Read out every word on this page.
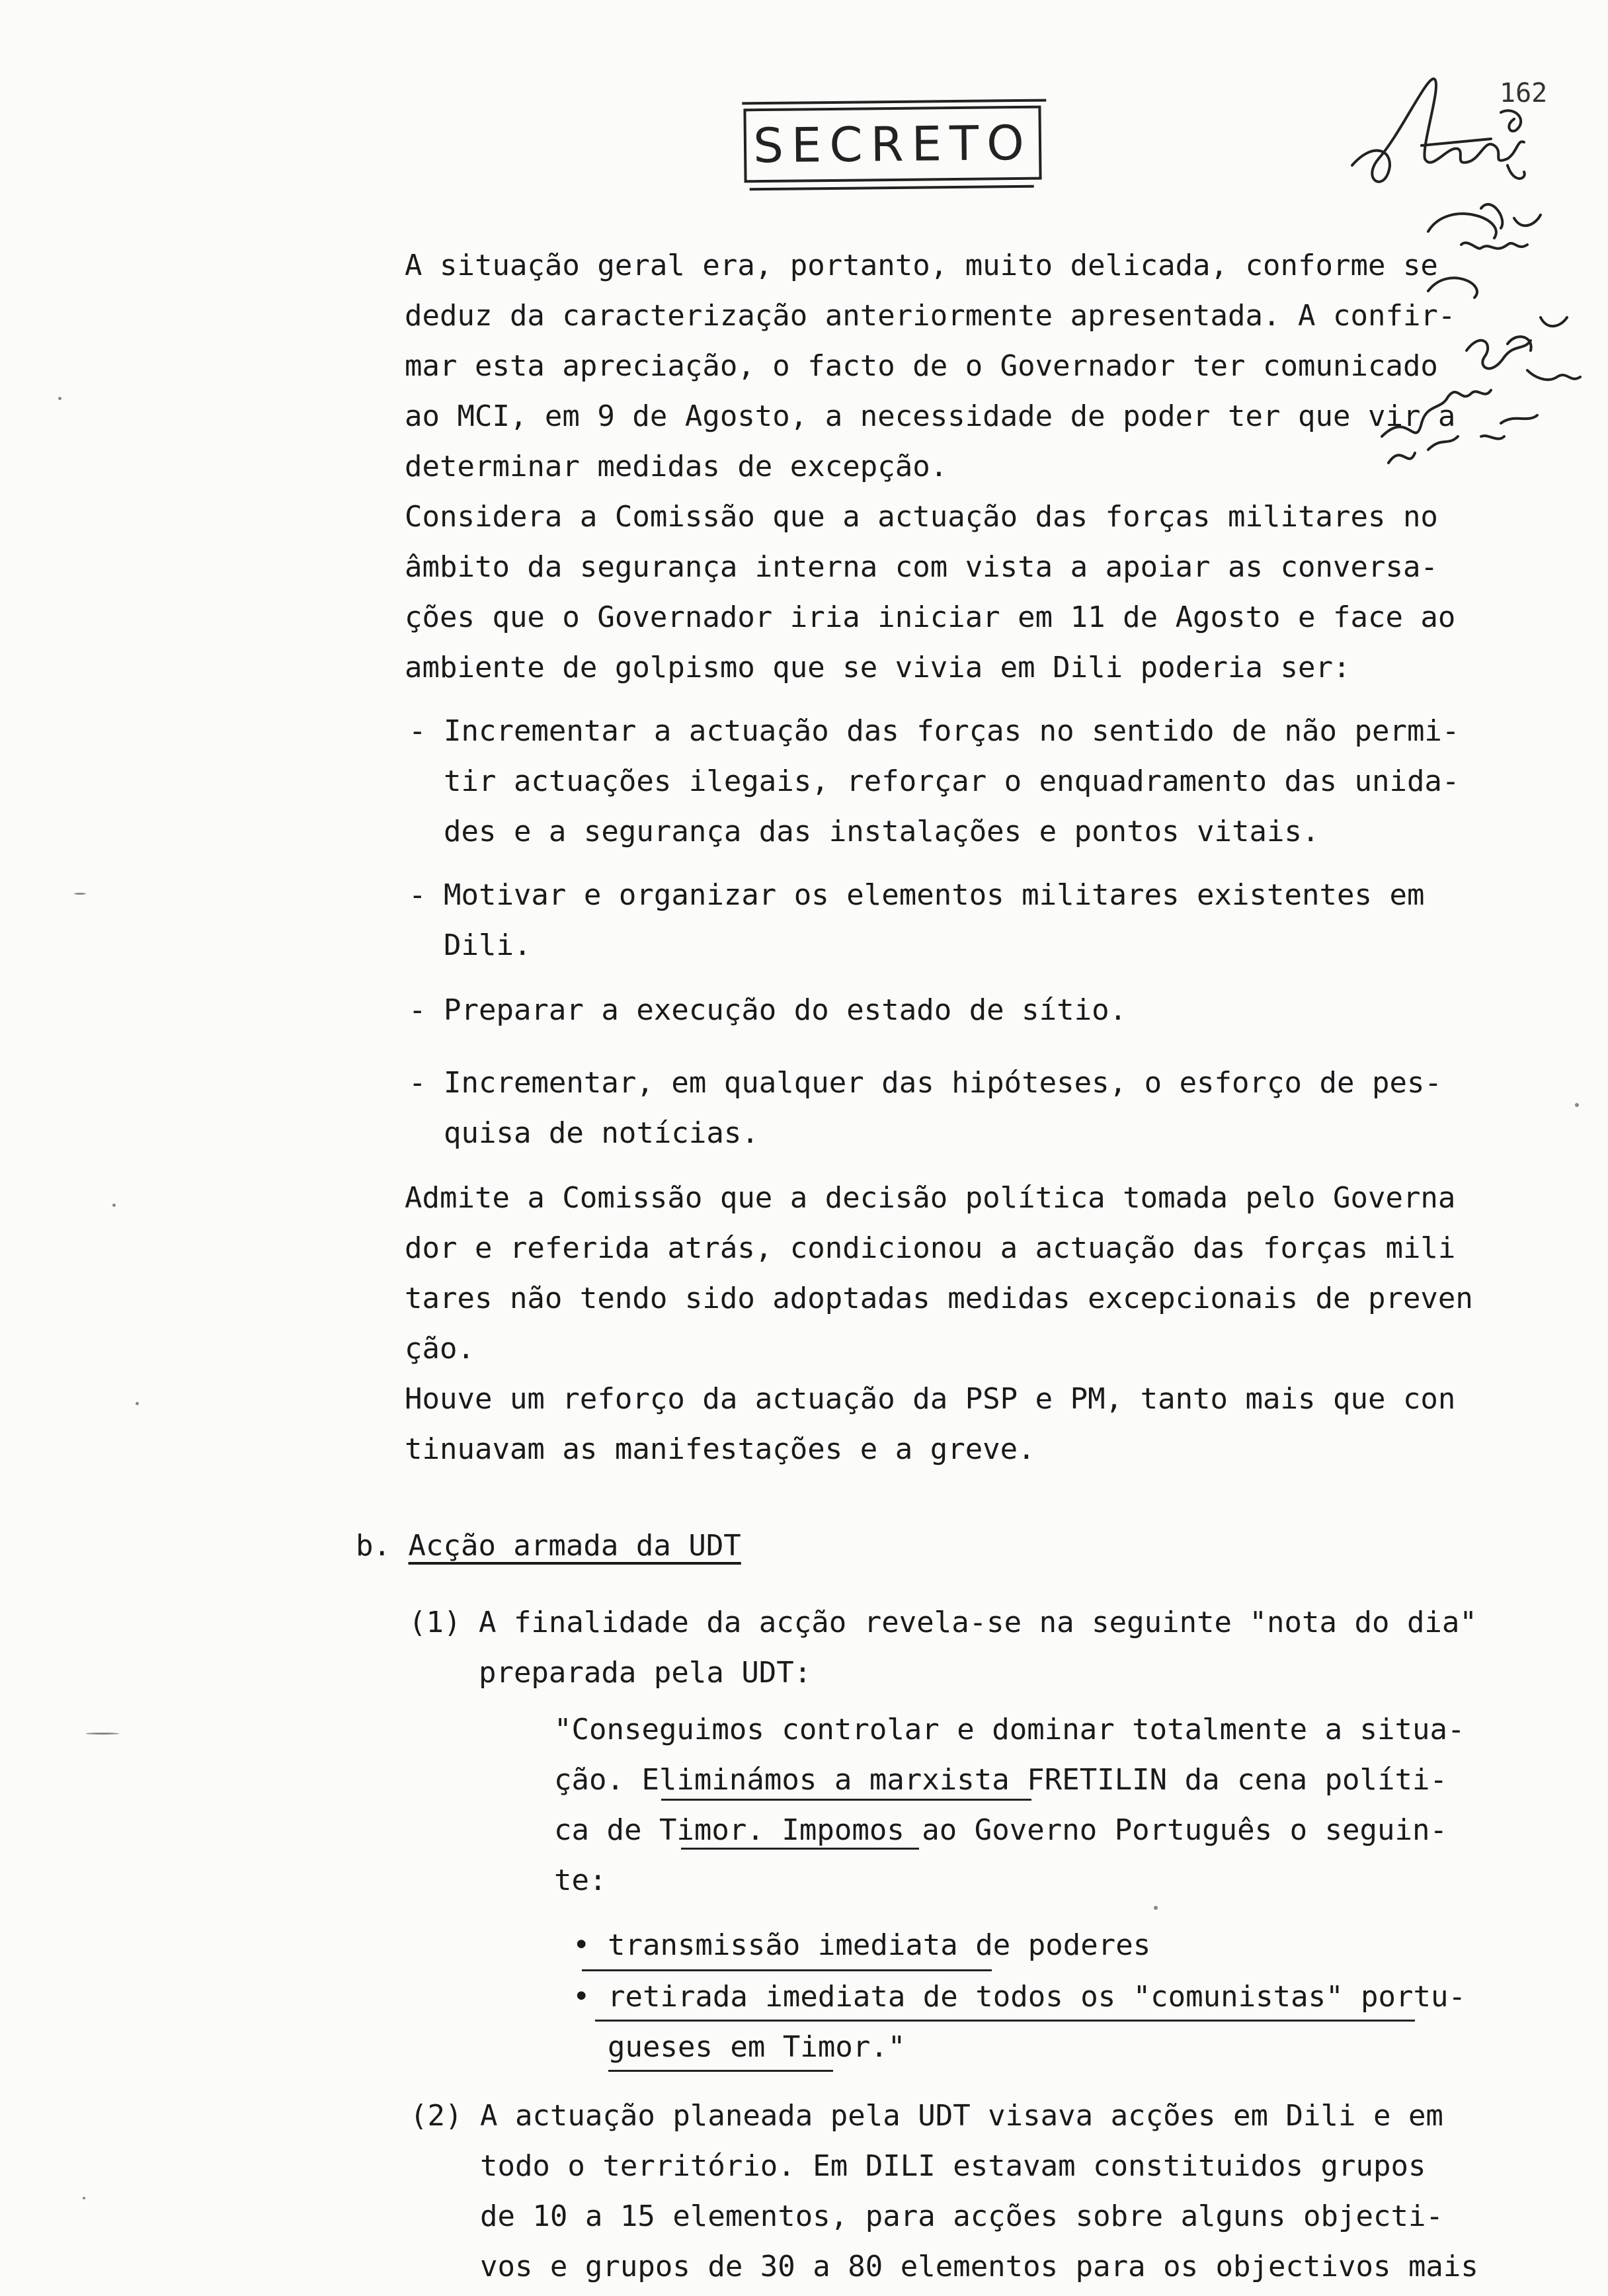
162
SECRETO
A situação geral era, portanto, muito delicada, conforme se
deduz da caracterização anteriormente apresentada. A confir-
mar esta apreciação, o facto de o Governador ter comunicado
ao MCI, em 9 de Agosto, a necessidade de poder ter que vir a
determinar medidas de excepção.
Considera a Comissão que a actuação das forças militares no
âmbito da segurança interna com vista a apoiar as conversa-
ções que o Governador iria iniciar em 11 de Agosto e face ao
ambiente de golpismo que se vivia em Dili poderia ser:
- Incrementar a actuação das forças no sentido de não permi-
tir actuações ilegais, reforçar o enquadramento das unida-
des e a segurança das instalações e pontos vitais.
- Motivar e organizar os elementos militares existentes em
Dili.
- Preparar a execução do estado de sítio.
- Incrementar, em qualquer das hipóteses, o esforço de pes-
quisa de notícias.
Admite a Comissão que a decisão política tomada pelo Governa
dor e referida atrás, condicionou a actuação das forças mili
tares não tendo sido adoptadas medidas excepcionais de preven
ção.
Houve um reforço da actuação da PSP e PM, tanto mais que con
tinuavam as manifestações e a greve.
b. Acção armada da UDT
(1) A finalidade da acção revela-se na seguinte "nota do dia"
preparada pela UDT:
"Conseguimos controlar e dominar totalmente a situa-
ção. Eliminámos a marxista FRETILIN da cena políti-
ca de Timor. Impomos ao Governo Português o seguin-
te:
• transmissão imediata de poderes
• retirada imediata de todos os "comunistas" portu-
gueses em Timor."
(2) A actuação planeada pela UDT visava acções em Dili e em
todo o território. Em DILI estavam constituidos grupos
de 10 a 15 elementos, para acções sobre alguns objecti-
vos e grupos de 30 a 80 elementos para os objectivos mais
